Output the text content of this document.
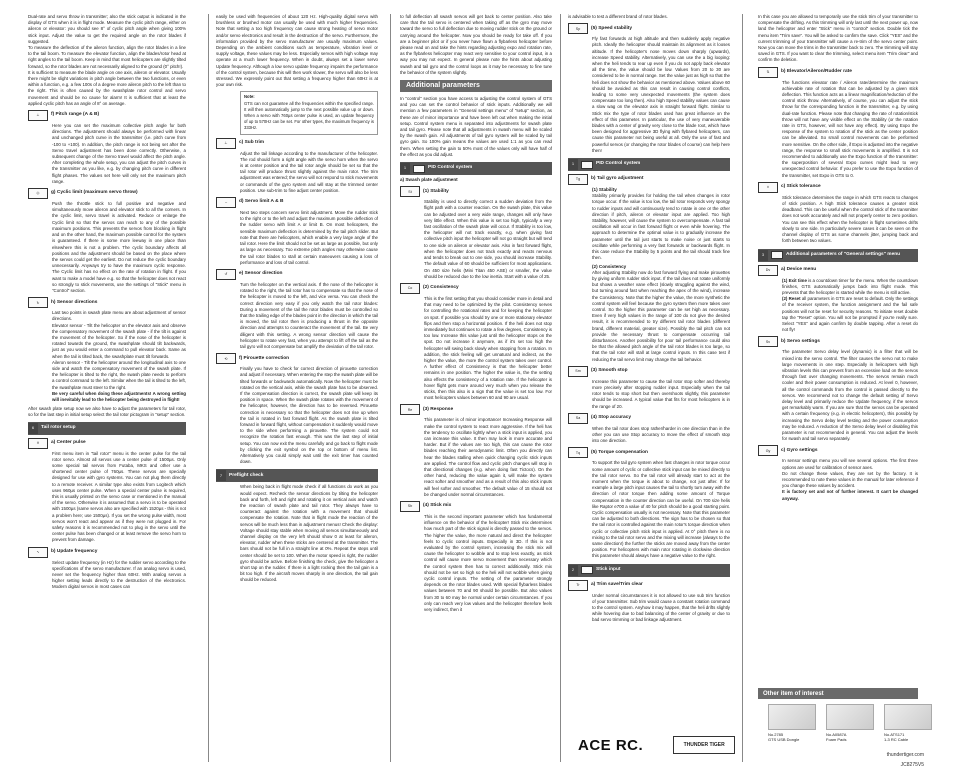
Dual-rate and servo throw in transmitter; also the stick output is indicated in the display of GTS when it is in flight mode. Measure the cyclic pitch range, either on aileron or elevator: you should see 8° of cyclic pitch angle when giving 100% stick input. Adjust the value to get the required angle on the rotor blades if suggested.

To measure the deflection of the aileron function, align the rotor blades in a line to the tail boom. To measure the elevator function, align the blades/rotor head at right angles to the tail boom. Keep in mind that most helicopters are slightly tilted forward, so the rotor blades are not necessarily aligned to the ground (0° pitch!).

It is sufficient to measure the blade angle on one axis, aileron or elevator. Usually there might be slight variations in pitch angle between the two functions, or even within a function, e.g. a few 100s of a degree more aileron pitch to the left than to the right. This is often caused by the swashplate rotor control and servo movement and should be no cause for alarm! It is sufficient that at least the applied cyclic pitch has an angle of 8° on average.

⟂	f) Pitch range (A & B)

Here you can set the maximum collective pitch angle for both directions. The adjustment should always be performed with linear and unchanged pitch curve in the transmitter (i.e. pitch curve from -100 to +100). In addition, the pitch range is not being set after the Servo travel adjustment has been done correctly. Otherwise, a subsequent change of the Servo travel would affect the pitch angle. After completing the whole setup, you can adjust the pitch curves in the transmitter as you like, e.g. by changing pitch curve in different flight phases. The values set here will only set the maximum pitch range.

◎	g) Cyclic limit (maximum servo throw)

Push the throttle stick to full positive and negative and simultaneously move aileron and elevator stick to all the corners. In the cyclic limit, servo travel is activated. Reduce or enlarge the Cyclic limit so that the servos can reach to any of the possible maximum positions. This prevents the servos from blocking in flight and on the other hand, the maximum possible control for the system is guaranteed. If there is some more leeway in one place than elsewhere this is not a problem. The cyclic boundary affects all positions and the adjustment should be based on the place where the servos could get the earliest. Do not reduce the cyclic boundary unnecessarily. Anyways try to have the maximum cyclic response. The Cyclic limit has no effect on the rate of rotation in flight. If you want to make a model have e.g. so that the helicopter does not react so strongly to stick movements, use the settings of "Stick" menu in "Control" section.

↻	h) Sensor directions

Last two points in swash plate menu are about adjustment of sensor directions.

Elevator sensor - Tilt the helicopter on the elevator axis and observe the compensatory movement of the swash plate - if the tilt is against the movement of the helicopter. So if the nose of the helicopter is rotated towards the ground, the swashplate should tilt backwards, just as you would enter a command to pull elevator back. Same as when the tail is tilted back, the swashplate must tilt forwards.

Aileron sensor - Tilt the helicopter around the longitudinal axis to one side and watch the compensatory movement of the swash plate. If the helicopter is tilted to the right, the swash plate needs to perform a control command to the left. Similar when the tail is tilted to the left, the swashplate must steer to the right.

Be very careful when doing these adjustments! A wrong setting will inevitably lead to the helicopter being destroyed in flight!

After swash plate setup now we also have to adjust the parameters for tail rotor, so for the last step in initial setup select the tail rotor pictogram in "setup" section.

6	Tail rotor setup
⊓	a) Center pulse

First menu item in "tail rotor" menu is the center pulse for the tail rotor servo. Almost all servos use a center pulse of 1500µs. Only some special tail servos from Futaba, MKS and other use a shortened center pulse of 760µs. These servos are specially designed for use with gyro systems. You can not plug them directly to a remote receiver. A similar type also exists from Logitech which uses 960µs center pulse. When a special center pulse is required, this is usually printed on the servo case or mentioned in the manual of the servo. Otherwise it is assumed that a servo is to be operated with 1500µs (same servos also are specified with 1520µs - this is not a problem here; use 1500µs). If you set the wrong pulse width, most servos won't react and appear as if they were not plugged in. For safety reasons it is recommended not to plug in the servo until the center pulse has been changed or at least remove the servo horn to prevent from damage.

∿	b) Update frequency

Select update frequency (in Hz) for the rudder servo according to the specifications of the servo manufacturer. If an analog servo is used, never set the frequency higher than 60Hz. With analog servos a higher setting leads directly to the destruction of the electronics. Modern digital servos in most cases can

easily be used with frequencies of about 120 Hz. High-quality digital servo with brushless or brushed motor can usually be used with much higher frequencies. Note that setting a too high frequency can cause strong heating of servo motor and/or servo electronics and result in the destruction of the servo. Furthermore, the information provided by the servo manufacturer are usually maximum values. Depending on the ambient conditions such as temperature, vibration level or supply voltage, these values may be less. Especially servos with high voltage may operate at a much lower frequency. When in doubt, always set a lower servo Update frequency. Although a low servo update frequency impairs the performance of the control system, because this will then work slower, the servo will also be less stressed. We expressly point out that setting a frequency higher than 60Hz is at your own risk.

Note:
GTS can not guarantee all the frequencies within the specified range. It will then automatically jump to the next possible value up or down. When a servo with 760µs center pulse is used, an update frequency of up to 570Hz can be set. For other types, the maximum frequency is 333Hz.
⊥	c) Sub trim

Adjust the tail linkage according to the manufacturer of the helicopter. The rod should form a right angle with the servo horn when the servo is at center position and the tail rotor angle should be set so that the tail rotor will produce thrust slightly against the main rotor. The trim adjustment was entered; the servo will not respond to stick movements or commands of the gyro system and will stay at the trimmed center position. Use sub-trim to fine adjust center position.

↔	d) Servo limit A & B

Next two steps concern servo limit adjustment. Move the rudder stick to the right or to the left and adjust the maximum possible deflection of the rudder servo with limit A or limit B. On most helicopters, the sensible maximum deflection is determined by the tail pitch slider. But note that there are helicopters, which enable a very large angle of the tail rotor. Here the limit should not be set as large as possible, but only as large as necessary. Too extreme pitch angles may otherwise cause the tail rotor blades to stall at certain maneuvers causing a loss of performance and loss of tail control.

↺	e) Sensor direction

Turn the helicopter on the vertical axis. If the nose of the helicopter is rotated to the right, the tail rotor has to compensate so that the nose of the helicopter is moved to the left, and vice versa. You can check the correct direction very easy if you only watch the tail rotor blades: During a movement of the tail the rotor blades must be controlled so that the trailing edge of the blades point in the direction in which the tail is moved, the tail rotor then is producing a thrust in the opposite direction and attempts to counteract the movement of the tail. Be very diligent with this setting. A wrong sensor direction will cause the helicopter to rotate very fast, when you attempt to lift off the tail as the tail gyro will not compensate but amplify the deviation of the tail rotor.

⟲	f) Pirouette correction

Finally you have to check for correct direction of pirouette correction and adjust if necessary. When entering the step the swash plate will be tilted forwards or backwards automatically. Now the helicopter must be rotated on the vertical axis, while the swash plate has to be observed. If the compensation direction is correct, the swash plate will keep its position in space. When the swash plate rotates with the movement of the helicopter, however, the direction has to be reversed. Pirouette correction is necessary so that the helicopter does not rise up when the tail is rotated in fast forward flight. As the swash plate is tilted forward in forward flight, without compensation it suddenly would move to the side when performing a pirouette. The system could not recognize the rotation fast enough. This was the last step of initial setup. You can now exit the menu carefully and go back to flight mode by clicking the exit symbol on the top or bottom of menu list. Alternatively you could simply wait until the exit timer has counted down.

7	Preflight check

When being back in flight mode check if all functions do work as you would expect. Recheck the sensor directions by tilting the helicopter back and forth, left and right and rotating it on vertical axis and watch the reaction of swash plate and tail rotor. They always have to counteract against the rotation with a movement that should compensate the rotation. Note that in flight mode the reaction of the servos will be much less than in adjustment menus! Check the display: Voltage should stay stable when moving all servos simultaneously and channel display on the very left should show 0 at least for aileron, elevator, rudder when these sticks are centered at the transmitter. The bars should not be full in a straight line at 0%. Repeat the steps until center should be set to 100. When the motor speed is right, the rudder gyro should be active. Before finishing the check, give the helicopter a short tap on the rudder. If there is a light rocking then the tail gain is a bit too high. If the aircraft moves sharply in one direction, the tail gain should be reduced.

to full deflection all swash servos will get back to center position. Also take care that the tail servo is centered when taking off as the gyro may move toward the servo to full deflection due to moving rudder stick on the ground or carrying around the helicopter. Now you should be ready for take off. If you are a beginner pilot or if you never have flown a flybarless helicopter before please read on and take the hints regarding adjusting expo and rotation rate, as the flybarless helicopter may react very sensitive to your control input, in a way you may not expect. In general please note the hints about adjusting swash and tail gyro and the control loops as it may be necessary to fine tune the behavior of the system slightly.

Additional parameters

In "control" section you have access to adjusting the control system of GTS and you can set the control behavior of stick inputs. Additionally we will mention a few parameters in "General settings menu" of "setup" section, as these are of minor importance and have been left out when making the initial setup. Control system menu is separated into adjustments for swash plate and tail gyro. Please note that all adjustments in swash menu will be scaled by the swash gain. All adjustments of tail gyro system will be scaled by tail gyro gain. So 100% gain means the values are used 1:1 as you can read them. When setting the gain to 50% most of the values only will have half of the effect as you did adjust.

1	⚙	PID Control system
a) Swash plate adjustment
St	(1) Stability

Stability is used to directly correct a sudden deviation from the flight path with a counter reaction. On the swash plate, this value can be adjusted over a very wide range, changes will only have very little effect. When this value is set too high, typically a very fast oscillation of the swash plate will occur. If Stability is too low, the helicopter will not track exactly, e.g. when giving fast collective pitch input the helicopter will not go straight but will tend to one side on aileron or elevator axis. Also in fast forward flight, when the helicopter does not track exactly and reacts nervous and tends to break out to one side, you should increase Stability. The default value of 60 should be sufficient for most applications. On 450 size helis (Mini Titan 450 ASE) or smaller, the value should be reduced due to the low inertia. Start with a value of 25.

Co	(2) Consistency

This is the first setting that you should consider more in detail and that may need to be optimized by the pilot. Consistency serves for controlling the rotational rates and for keeping the helicopter on spot. If possible you should try one or more stationary elevator flips and then stop a horizontal position. If the heli does not stop immediately but continues to rotate a few degrees, Consistency is too low. Increase this value just until the helicopter stops on the spot. Do not increase it anymore, as if it's set too high the helicopter will swing back slowly when stopping from a rotation. In addition, the stick feeling will get unnatural and indirect, as the higher the value, the more the control system takes over control. A further effect of Consistency is that the helicopter better remains in one position. The higher the value is, the the setting also effects the consistency of a rotation rate. If the helicopter is hover flight gets more around very much when you release the sticks, then this also is a sign that the value is set too low. For most helicopters values between 60 and 90 are usual.

Re	(3) Response

This parameter is of minor importance! Increasing Response will make the control system to react more aggressive. If the heli has the tendency to oscillate lightly when a stick input is applied, you can increase this value. It then may look in more accurate and harder. But if the values are too high, this can cause the rotor blades reaching their aerodynamic limit. Often you directly can hear the blades stalling when quick changing cyclic stick inputs are applied. The control flow and cyclic pitch changes will stop in that directional changes (e.g. when doing fast Tictocs). On the other hand, reducing the value again it, will make the system react softer and smoother and as a result of this also stick inputs will feel softer and smoother. The default value of 15 should not be changed under normal circumstances.

Sb	(4) Stick mix

This is the second important parameter which has fundamental influence on the behavior of the helicopter! Stick mix determines how much part of the stick signal is directly passed to the servos. The higher the value, the more natural and direct the helicopter feels to cyclic control inputs. Especially in 3D. If this is not evaluated by the control system, increasing the stick mix will cause the helicopter to wobble and to stop less exactly, as stick control will cause more servo movement than necessary which the control system then has to correct additionally. Stick mix should not be set so high so the heli will not wobble when giving cyclic control inputs. The setting of the parameter strongly depends on the rotor blades used. With special flybarless blades values between 70 and 90 should be possible. But also values from 30 to 60 may be normal under certain circumstances. If you only can reach very low values and the helicopter therefore feels very indirect, then it

is advisable to test a different brand of rotor blades.

Sp	(5) Speed stability

Fly fast forwards at high altitude and then suddenly apply negative pitch. Ideally the helicopter should maintain its alignment as it looses altitude. If the helicopter's nose moves down sharply (upwards), increase Speed stability. Alternatively, you can use the a big looping: when the heli tends to rear up even if you do not apply back elevator all the time, the value should be low. Values from 20 to 30 are considered to be in normal range. Set the value just as high so that the heli does not show the behavior as mentioned above. Values above 60 should be avoided as this can result in causing control conflicts, leading to some very unexpected movements (the system does compensate too long then). Also high Speed stability values can cause a slow wag on the elevator axis in straight forward flight. Similar to Stick mix the type of rotor blades used has great influence on the effect of this parameter. In particular, the use of very maneuverable blades with a center of gravity very close to the blade root, which have been designed for aggressive 3D flying with flybared helicopters, can cause this parameter not being useful at all. Only the use of fast and powerful servos (or changing the rotor blades of course) can help here then!

1	⚙	PID Control system
Tg	b) Tail gyro adjustment
(1) Stability

Stability primarily provides for holding the tail when changes in rotor torque occur. If the value is too low, the tail rotor responds very spongy to rudder inputs and will continuously tend to rotate in one or the other direction if pitch, aileron or elevator input are applied. Too high Stability, however, will cause the system to overcompensate. A fast tail oscillation will occur in fast forward flight or even while hovering. The approach to determine the optimal value is to gradually increase the parameter until the tail just starts to make noise or just starts to oscillate while performing a very fast forwards or backwards flight. In this case reduce the Stability by 5 points and the tail should track fine then.

(2) Consistency

After adjusting Stability now do fast forward flying and make pirouettes by giving uniform rudder stick input. If the tail does not rotate uniformly but shows a weather vane effect (slowly struggling against the wind, but turning around fast when reaching the apex of the wind), increase the Consistency. Note that the higher the value, the more synthetic the control system will feel because the gyro system then more takes over control. So the higher this parameter can be set high as necessary. Even if very high values in the range of 100 do not give the desired result, it is recommended to try different tail rotor blades (different brand, different material, greater size). Possibly the tail pitch can not provide the necessary thrust to compensate occurring tail disturbances. Another possibility for poor tail performance could also be that the allowed pitch angle of the tail rotor blades is too large, so that the tail rotor will stall at large control inputs. In this case test if reducing the tail servo limit may change the tail behavior.

Sm	(3) Smooth stop

Increase this parameter to cause the tail rotor stop softer and thereby more precisely after stopping rudder input. Especially when the tail rotor tends to stop short but then overshoots slightly, this parameter should be increased. A typical value that fits for most helicopters is in the range of 20.

Sa	(4) Stop accuracy

When the tail rotor does stop rather/harder in one direction than in the other you can use Stop accuracy to move the effect of smooth stop into one direction.

Tq	(5) Torque compensation

To support the tail gyro system when fast changes in rotor torque occur some amount of cyclic or collective stick input can be mixed directly to the tail rotor servo. So the tail rotor will already start to act at the moment when the torque is about to change, not just after. If for example a large pitch input causes the tail to shortly turn away with the direction of rotor torque then adding some amount of Torque compensation in the counter direction can be useful. On 700 size helis like Raptor e700 a value of 40 for pitch should be a good starting point. Cyclic compensation usually is not necessary. Note that this parameter can be adjusted to both directions. The sign has to be chosen so that the tail rotor is controlled against the main rotor's torque direction when cyclic or collective pitch stick input is applied. At 0° pitch there is no mixing to the tail rotor servo and the mixing will increase (always to the same direction!) the further the sticks are moved away from the center position. For helicopters with main rotor rotating in clockwise direction this parameter should always have a negative value to the right.

2	✥	Stick input
Tr	a) Trim save/Trim clear

Under normal circumstances it is not allowed to use sub trim function of your transmitter. Sub trim would cause a constant rotation command to the control system. Anyhow it may happen, that the heli drifts slightly while hovering due to bad balancing of the center of gravity or due to bad servo trimming or bad linkage adjustment.

In this case you are allowed to temporarily use the stick trim of your transmitter to compensate the drifting. As this trimming will only last until the next power up, now land the helicopter and enter "Stick" menu in "control" section. Double tick the menu item "Trim save". You will be asked to confirm the save. Click "YES" and the current trimming of your transmitter will cause a re-trim of the servo center point. Now you can move the trims in the transmitter back to zero. The trimming will stay saved in GTS. If you want to clear the trimming, select menu item "Trim clear" and confirm the deletion.

⇅	b) Elevator/Aileron/Rudder rate

The functions elevator rate / Aileron rate/determine the maximum achievable rate of rotation that can be adjusted by a given stick deflection. This function acts as a linear magnification/reduction of the control stick throw. Alternatively, of course, you can adjust the stick throw for the corresponding function in the transmitter, e.g. by using dual-rate function. Please note that changing the rate of rotation/stick throw will not have any visible effect on the Stability (or the rotation rate in GTS, however, will not have any effect). By using Expo the response of the system to rotation of the stick as the center position can be alleviated. So small control movements can be performed more sensitive. On the other side, if Expo is adjusted into the negative range, the response to small stick movements is amplified. It is not recommended to additionally use the Expo function of the transmitter: the superposition of several Expo curves might lead to very unexpected control behavior. If you prefer to use the Expo function of the transmitter, set Expo in GTS to 0.

±	c) Stick tolerance

Stick tolerance determines the range in which GTS reacts to changes of stick position. A high Stick tolerance causes a greater stick deadband. This can be useful when the control stick of the transmitter does not work accurately and will not properly center to zero position. You can see this effect when the helicopter in flight sometimes drifts slowly to one side. In particularly severe cases it can be seen on the channel display of GTS as some channels jitter, jumping back and forth between two values.

3	⚙	Additional parameters of "General settings" menu
Dv	a) Device menu

(1) Exit time is a countdown timer for the menu. When the countdown finishes, GTS automatically jumps back into flight mode. This prevents that the helicopter is started while the menu is still active.

(2) Reset all parameters in GTS are reset to default. Only the settings of the receiver system, the function assignment and the fail safe positions will not be reset for security reasons. To initiate reset double tap the "Reset" option. You will not be prompted if you're really sure. Select "YES" and again confirm by double tapping. After a reset do not fly!

Sv	b) Servo settings

The parameter Servo delay level (dynamic) is a filter that will be mixed into the servo control. The filter causes the servo not to make large movements in one step. Especially in helicopters with high vibration levels this can prevent from an excessive load on the servos through fast over changing movements. The servos remain much cooler and their power consumption is reduced. At level 0, however, all the control commands from the control is passed directly to the servos. We recommend not to change the default setting of Servo delay level and primarily reduce the Update frequency, if the servos get remarkably warm. If you are sure that the servos can be operated with a certain frequency (e.g. in electric helicopters), this possibly by increasing the Servo delay level testing and the power consumption may be reduced. A reduction of the Servo delay level or disabling this parameter is not recommended in general. You can adjust the levels for swash and tail servo separately.

Gy	c) Gyro settings

In sensor settings menu you will see several options. The first three options are used for calibration of sensor axes.

Do not change these values, they are set by the factory. It is recommended to note these values in the manual for later reference if you change these values by accident.

It is factory set and not of further interest. It can't be changed anyway.

Other item of interest
No.2785
GTS USB Dongle
No.A0587A
Foam Pads
No.ATS171
1-3 RC Cable
ACE RC.	THUNDER TIGER
thundertiger.com
JC8275V5
